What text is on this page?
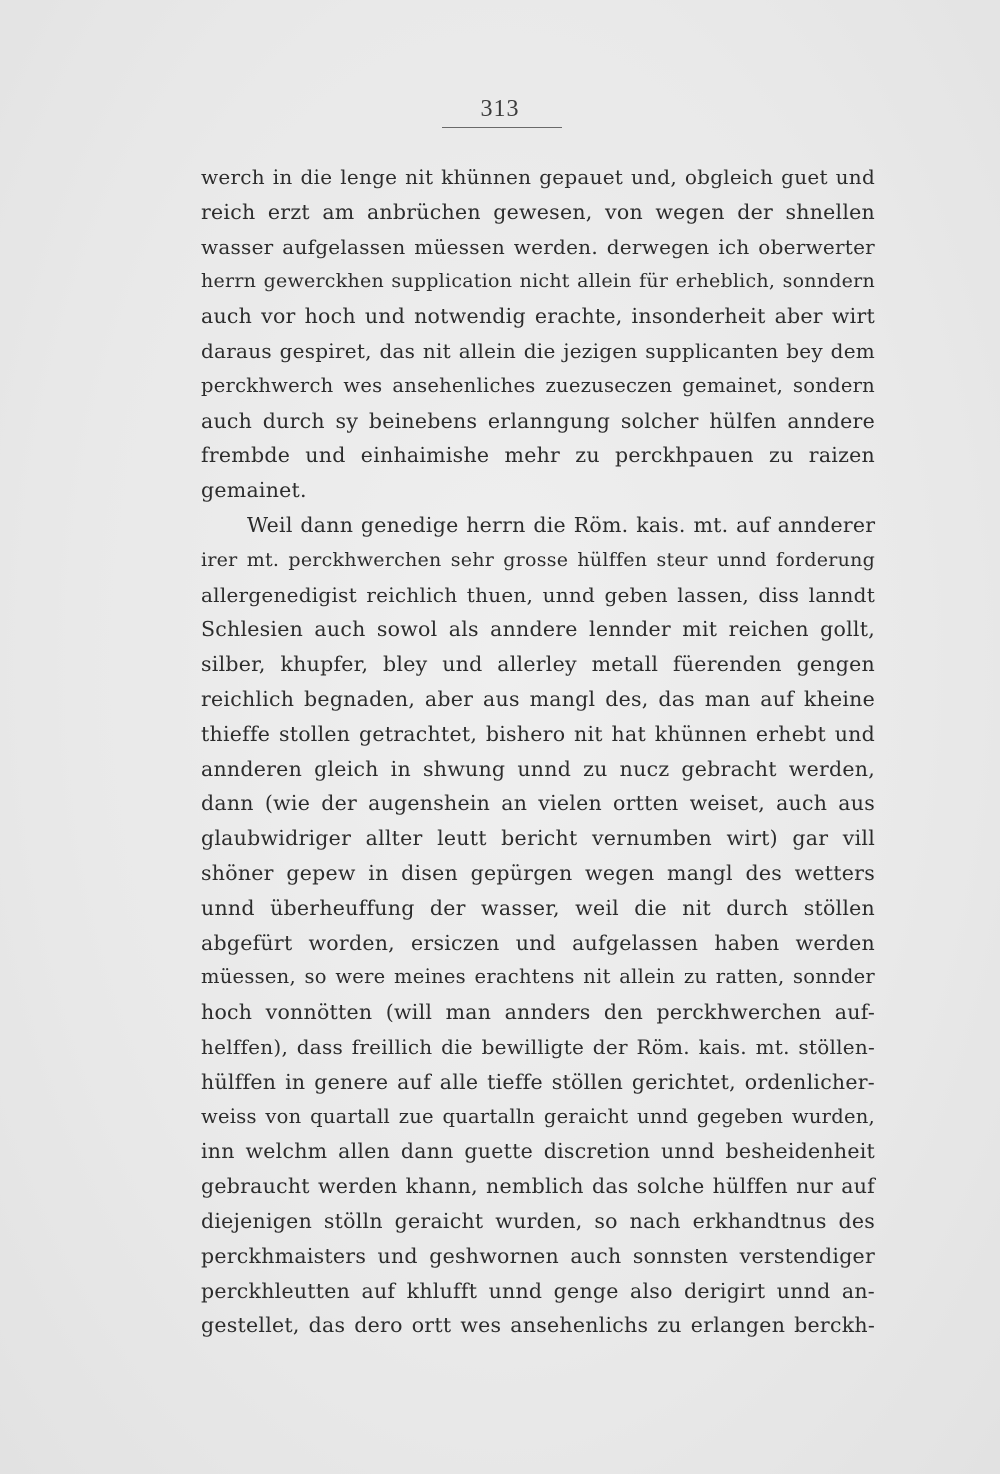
313
werch in die lenge nit khünnen gepauet und, obgleich guet und
reich erzt am anbrüchen gewesen, von wegen der shnellen
wasser aufgelassen müessen werden. derwegen ich oberwerter
herrn gewerckhen supplication nicht allein für erheblich, sonndern
auch vor hoch und notwendig erachte, insonderheit aber wirt
daraus gespiret, das nit allein die jezigen supplicanten bey dem
perckhwerch wes ansehenliches zuezuseczen gemainet, sondern
auch durch sy beinebens erlanngung solcher hülfen anndere
frembde und einhaimishe mehr zu perckhpauen zu raizen
gemainet.
Weil dann genedige herrn die Röm. kais. mt. auf annderer
irer mt. perckhwerchen sehr grosse hülffen steur unnd forderung
allergenedigist reichlich thuen, unnd geben lassen, diss lanndt
Schlesien auch sowol als anndere lennder mit reichen gollt,
silber, khupfer, bley und allerley metall füerenden gengen
reichlich begnaden, aber aus mangl des, das man auf kheine
thieffe stollen getrachtet, bishero nit hat khünnen erhebt und
annderen gleich in shwung unnd zu nucz gebracht werden,
dann (wie der augenshein an vielen ortten weiset, auch aus
glaubwidriger allter leutt bericht vernumben wirt) gar vill
shöner gepew in disen gepürgen wegen mangl des wetters
unnd überheuffung der wasser, weil die nit durch stöllen
abgefürt worden, ersiczen und aufgelassen haben werden
müessen, so were meines erachtens nit allein zu ratten, sonnder
hoch vonnötten (will man annders den perckhwerchen auf-
helffen), dass freillich die bewilligte der Röm. kais. mt. stöllen-
hülffen in genere auf alle tieffe stöllen gerichtet, ordenlicher-
weiss von quartall zue quartalln geraicht unnd gegeben wurden,
inn welchm allen dann guette discretion unnd besheidenheit
gebraucht werden khann, nemblich das solche hülffen nur auf
diejenigen stölln geraicht wurden, so nach erkhandtnus des
perckhmaisters und geshwornen auch sonnsten verstendiger
perckhleutten auf khlufft unnd genge also derigirt unnd an-
gestellet, das dero ortt wes ansehenlichs zu erlangen berckh-
